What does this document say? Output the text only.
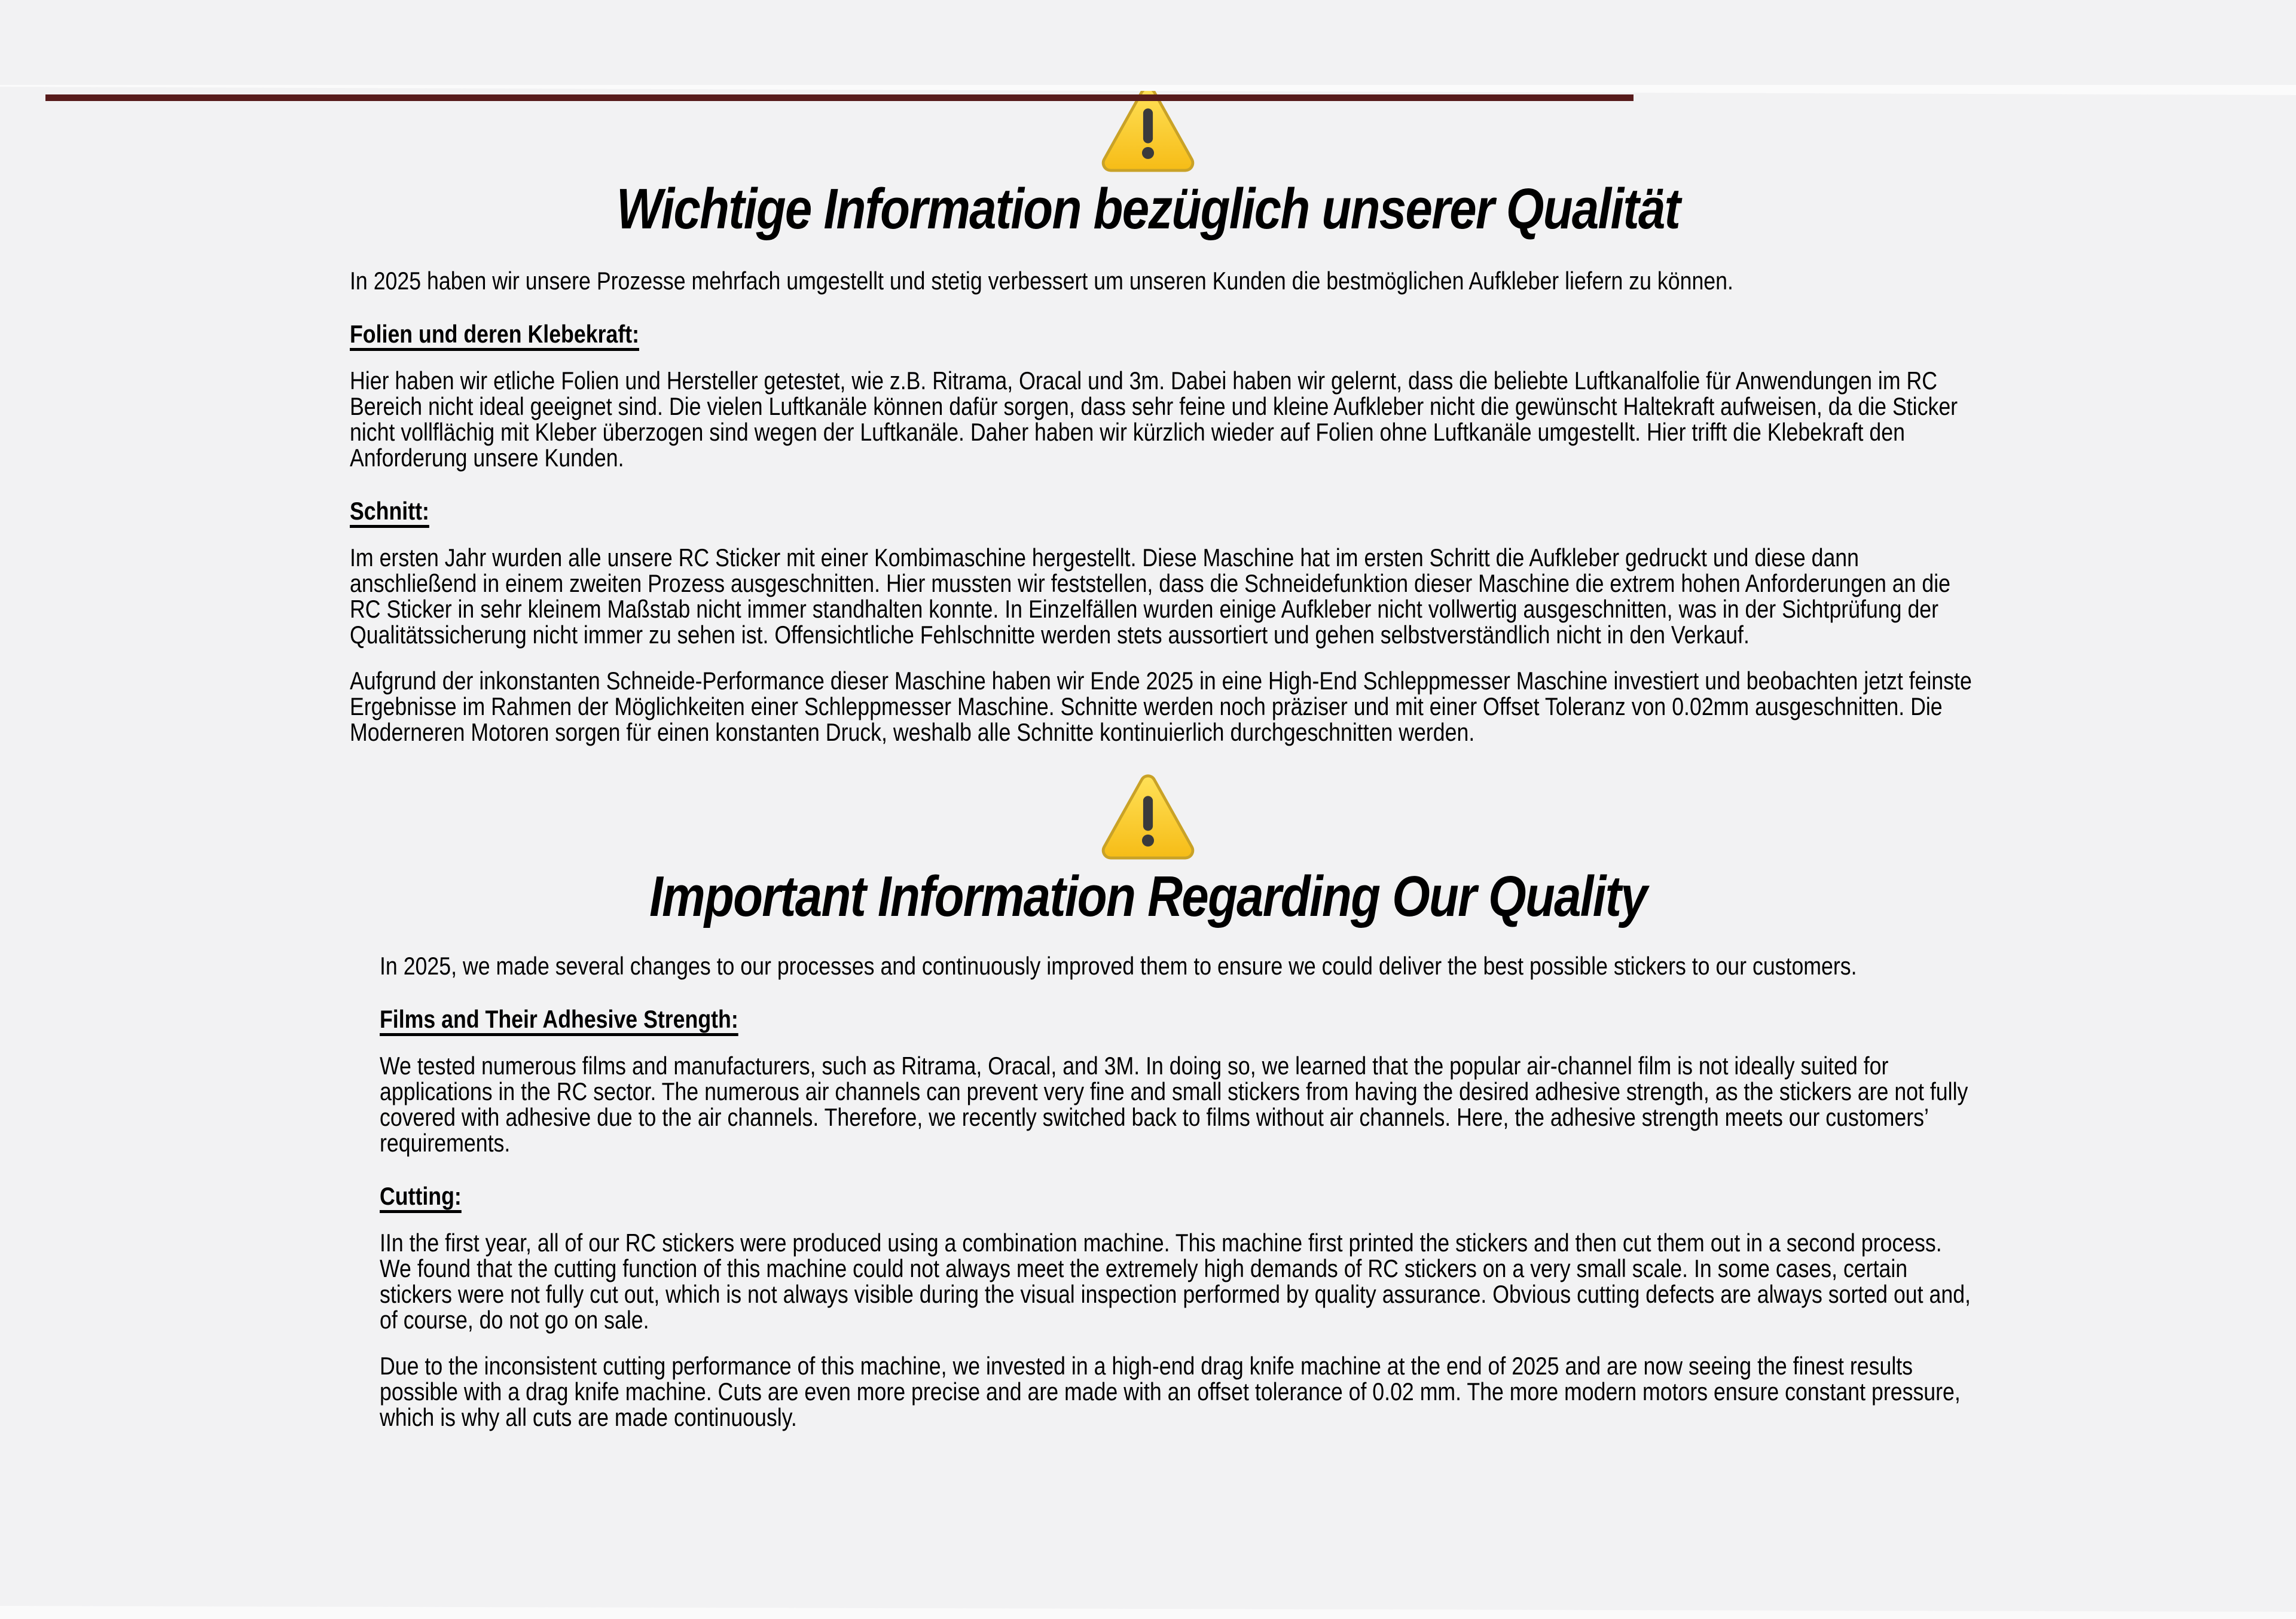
Wichtige Information bezüglich unserer Qualität

In 2025 haben wir unsere Prozesse mehrfach umgestellt und stetig verbessert um unseren Kunden die bestmöglichen Aufkleber liefern zu können.

Folien und deren Klebekraft:

Hier haben wir etliche Folien und Hersteller getestet, wie z.B. Ritrama, Oracal und 3m. Dabei haben wir gelernt, dass die beliebte Luftkanalfolie für Anwendungen im RC Bereich nicht ideal geeignet sind. Die vielen Luftkanäle können dafür sorgen, dass sehr feine und kleine Aufkleber nicht die gewünscht Haltekraft aufweisen, da die Sticker nicht vollflächig mit Kleber überzogen sind wegen der Luftkanäle. Daher haben wir kürzlich wieder auf Folien ohne Luftkanäle umgestellt. Hier trifft die Klebekraft den Anforderung unsere Kunden.

Schnitt:

Im ersten Jahr wurden alle unsere RC Sticker mit einer Kombimaschine hergestellt. Diese Maschine hat im ersten Schritt die Aufkleber gedruckt und diese dann anschließend in einem zweiten Prozess ausgeschnitten. Hier mussten wir feststellen, dass die Schneidefunktion dieser Maschine die extrem hohen Anforderungen an die RC Sticker in sehr kleinem Maßstab nicht immer standhalten konnte. In Einzelfällen wurden einige Aufkleber nicht vollwertig ausgeschnitten, was in der Sichtprüfung der Qualitätssicherung nicht immer zu sehen ist. Offensichtliche Fehlschnitte werden stets aussortiert und gehen selbstverständlich nicht in den Verkauf.

Aufgrund der inkonstanten Schneide-Performance dieser Maschine haben wir Ende 2025 in eine High-End Schleppmesser Maschine investiert und beobachten jetzt feinste Ergebnisse im Rahmen der Möglichkeiten einer Schleppmesser Maschine. Schnitte werden noch präziser und mit einer Offset Toleranz von 0.02mm ausgeschnitten. Die Moderneren Motoren sorgen für einen konstanten Druck, weshalb alle Schnitte kontinuierlich durchgeschnitten werden.

Important Information Regarding Our Quality

In 2025, we made several changes to our processes and continuously improved them to ensure we could deliver the best possible stickers to our customers.

Films and Their Adhesive Strength:

We tested numerous films and manufacturers, such as Ritrama, Oracal, and 3M. In doing so, we learned that the popular air-channel film is not ideally suited for applications in the RC sector. The numerous air channels can prevent very fine and small stickers from having the desired adhesive strength, as the stickers are not fully covered with adhesive due to the air channels. Therefore, we recently switched back to films without air channels. Here, the adhesive strength meets our customers’ requirements.

Cutting:

IIn the first year, all of our RC stickers were produced using a combination machine. This machine first printed the stickers and then cut them out in a second process. We found that the cutting function of this machine could not always meet the extremely high demands of RC stickers on a very small scale. In some cases, certain stickers were not fully cut out, which is not always visible during the visual inspection performed by quality assurance. Obvious cutting defects are always sorted out and, of course, do not go on sale.

Due to the inconsistent cutting performance of this machine, we invested in a high-end drag knife machine at the end of 2025 and are now seeing the finest results possible with a drag knife machine. Cuts are even more precise and are made with an offset tolerance of 0.02 mm. The more modern motors ensure constant pressure, which is why all cuts are made continuously.
